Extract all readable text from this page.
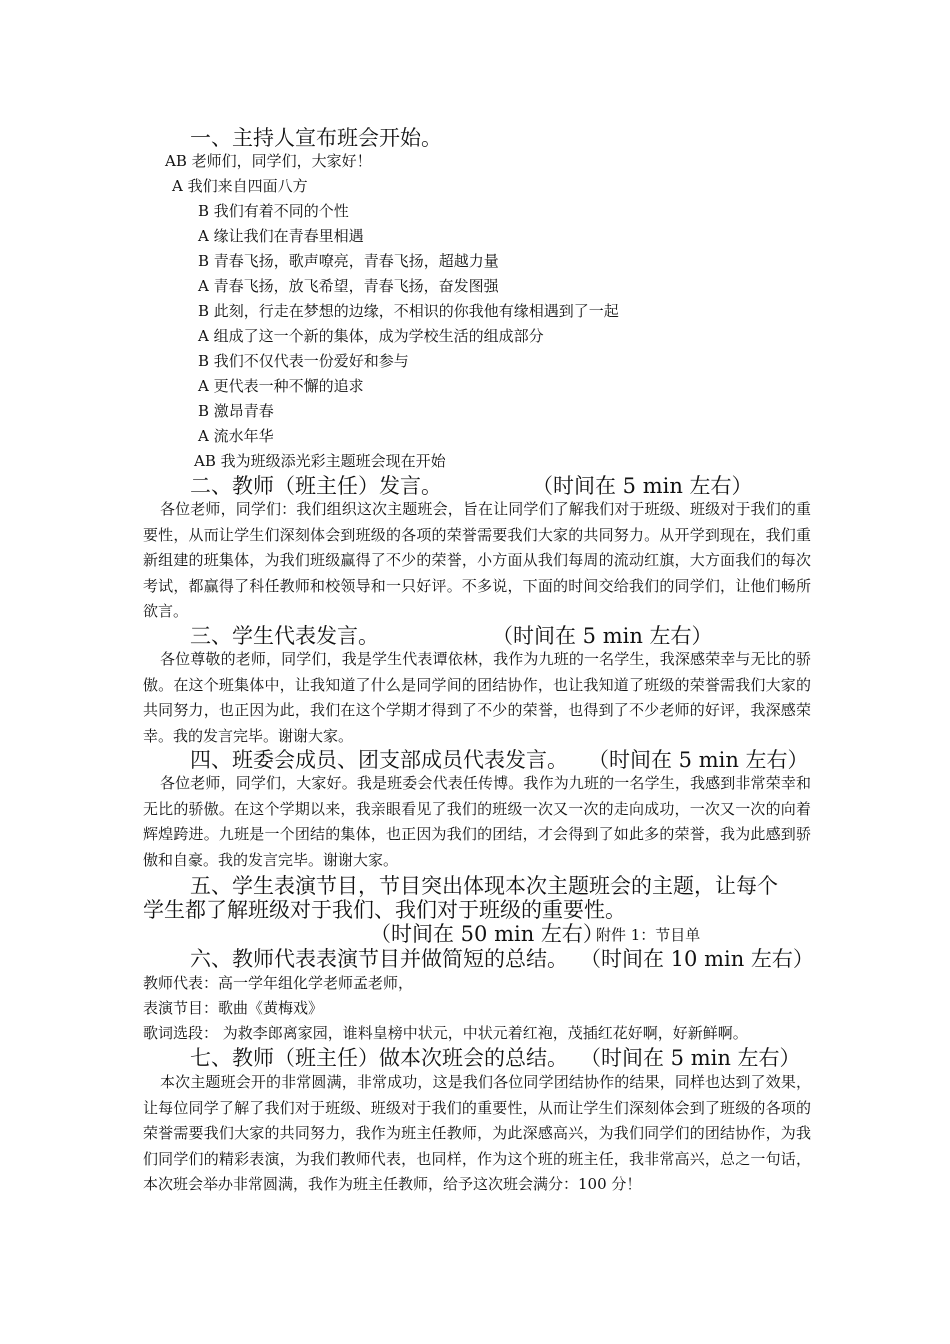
一、主持人宣布班会开始。
AB 老师们，同学们，大家好！
A 我们来自四面八方
B 我们有着不同的个性
A 缘让我们在青春里相遇
B 青春飞扬，歌声嘹亮，青春飞扬，超越力量
A 青春飞扬，放飞希望，青春飞扬，奋发图强
B 此刻，行走在梦想的边缘，不相识的你我他有缘相遇到了一起
A 组成了这一个新的集体，成为学校生活的组成部分
B 我们不仅代表一份爱好和参与
A 更代表一种不懈的追求
B 激昂青春
A 流水年华
AB 我为班级添光彩主题班会现在开始
二、教师（班主任）发言。	（时间在 5 min 左右）
各位老师，同学们：我们组织这次主题班会，旨在让同学们了解我们对于班级、班级对于我们的重要性，从而让学生们深刻体会到班级的各项的荣誉需要我们大家的共同努力。从开学到现在，我们重新组建的班集体，为我们班级赢得了不少的荣誉，小方面从我们每周的流动红旗，大方面我们的每次考试，都赢得了科任教师和校领导和一只好评。不多说，下面的时间交给我们的同学们，让他们畅所欲言。
三、学生代表发言。	（时间在 5 min 左右）
各位尊敬的老师，同学们，我是学生代表谭依林，我作为九班的一名学生，我深感荣幸与无比的骄傲。在这个班集体中，让我知道了什么是同学间的团结协作，也让我知道了班级的荣誉需我们大家的共同努力，也正因为此，我们在这个学期才得到了不少的荣誉，也得到了不少老师的好评，我深感荣幸。我的发言完毕。谢谢大家。
四、班委会成员、团支部成员代表发言。 （时间在 5 min 左右）
各位老师，同学们，大家好。我是班委会代表任传博。我作为九班的一名学生，我感到非常荣幸和无比的骄傲。在这个学期以来，我亲眼看见了我们的班级一次又一次的走向成功，一次又一次的向着辉煌跨进。九班是一个团结的集体，也正因为我们的团结，才会得到了如此多的荣誉，我为此感到骄傲和自豪。我的发言完毕。谢谢大家。
五、学生表演节目，节目突出体现本次主题班会的主题，让每个
学生都了解班级对于我们、我们对于班级的重要性。
（时间在 50 min 左右）
附件 1：节目单
六、教师代表表演节目并做简短的总结。 （时间在 10 min 左右）
教师代表：高一学年组化学老师孟老师，
表演节目：歌曲《黄梅戏》
歌词选段： 为救李郎离家园，谁料皇榜中状元，中状元着红袍，茂插红花好啊，好新鲜啊。
七、教师（班主任）做本次班会的总结。 （时间在 5 min 左右）
本次主题班会开的非常圆满，非常成功，这是我们各位同学团结协作的结果，同样也达到了效果，让每位同学了解了我们对于班级、班级对于我们的重要性，从而让学生们深刻体会到了班级的各项的荣誉需要我们大家的共同努力，我作为班主任教师，为此深感高兴，为我们同学们的团结协作，为我们同学们的精彩表演，为我们教师代表，也同样，作为这个班的班主任，我非常高兴，总之一句话，本次班会举办非常圆满，我作为班主任教师，给予这次班会满分：100 分！
